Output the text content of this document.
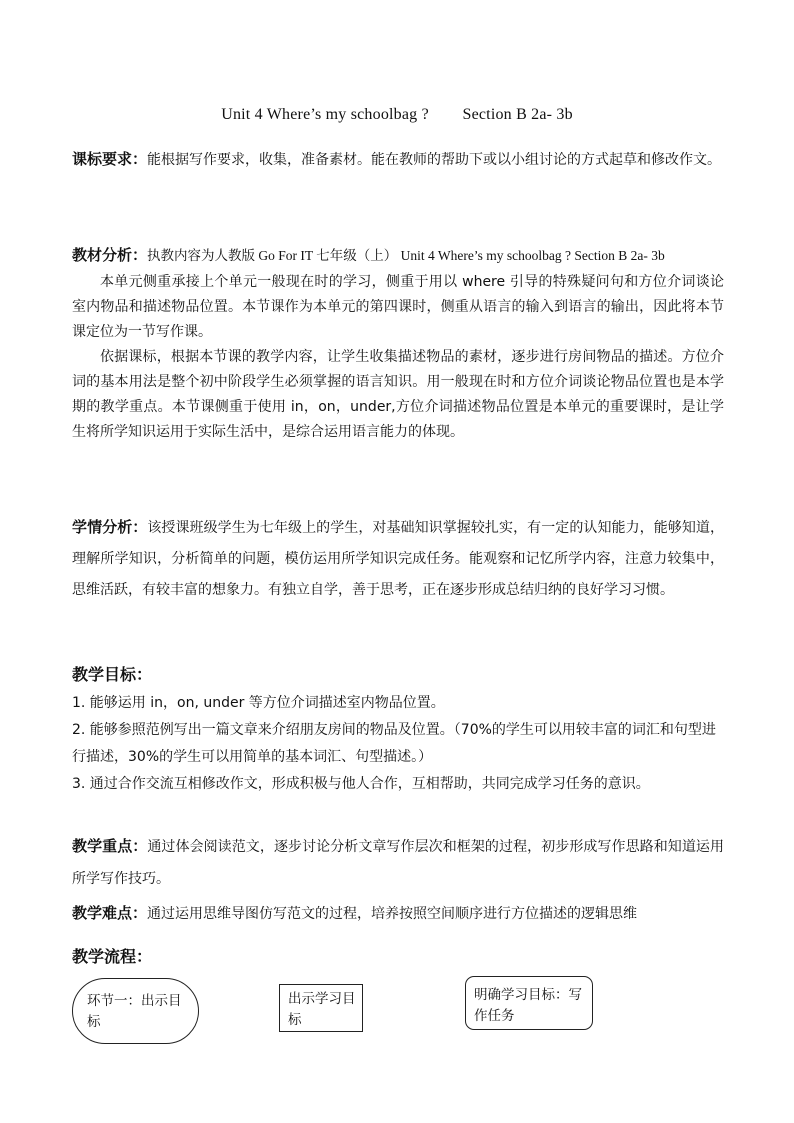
Unit 4 Where’s my schoolbag ?        Section B 2a- 3b
课标要求：能根据写作要求，收集，准备素材。能在教师的帮助下或以小组讨论的方式起草和修改作文。
教材分析：执教内容为人教版 Go For IT 七年级（上） Unit 4 Where’s my schoolbag ? Section B 2a- 3b
本单元侧重承接上个单元一般现在时的学习，侧重于用以 where 引导的特殊疑问句和方位介词谈论室内物品和描述物品位置。本节课作为本单元的第四课时，侧重从语言的输入到语言的输出，因此将本节课定位为一节写作课。
依据课标，根据本节课的教学内容，让学生收集描述物品的素材，逐步进行房间物品的描述。方位介词的基本用法是整个初中阶段学生必须掌握的语言知识。用一般现在时和方位介词谈论物品位置也是本学期的教学重点。本节课侧重于使用 in，on，under,方位介词描述物品位置是本单元的重要课时，是让学生将所学知识运用于实际生活中，是综合运用语言能力的体现。
学情分析：该授课班级学生为七年级上的学生，对基础知识掌握较扎实，有一定的认知能力，能够知道，理解所学知识，分析简单的问题，模仿运用所学知识完成任务。能观察和记忆所学内容，注意力较集中，思维活跃，有较丰富的想象力。有独立自学，善于思考，正在逐步形成总结归纳的良好学习习惯。
教学目标：
1. 能够运用 in，on, under 等方位介词描述室内物品位置。
2. 能够参照范例写出一篇文章来介绍朋友房间的物品及位置。（70%的学生可以用较丰富的词汇和句型进行描述，30%的学生可以用简单的基本词汇、句型描述。）
3. 通过合作交流互相修改作文，形成积极与他人合作，互相帮助，共同完成学习任务的意识。
教学重点：通过体会阅读范文，逐步讨论分析文章写作层次和框架的过程，初步形成写作思路和知道运用所学写作技巧。
教学难点：通过运用思维导图仿写范文的过程，培养按照空间顺序进行方位描述的逻辑思维
教学流程：
环节一：出示目标
出示学习目标
明确学习目标：写作任务
